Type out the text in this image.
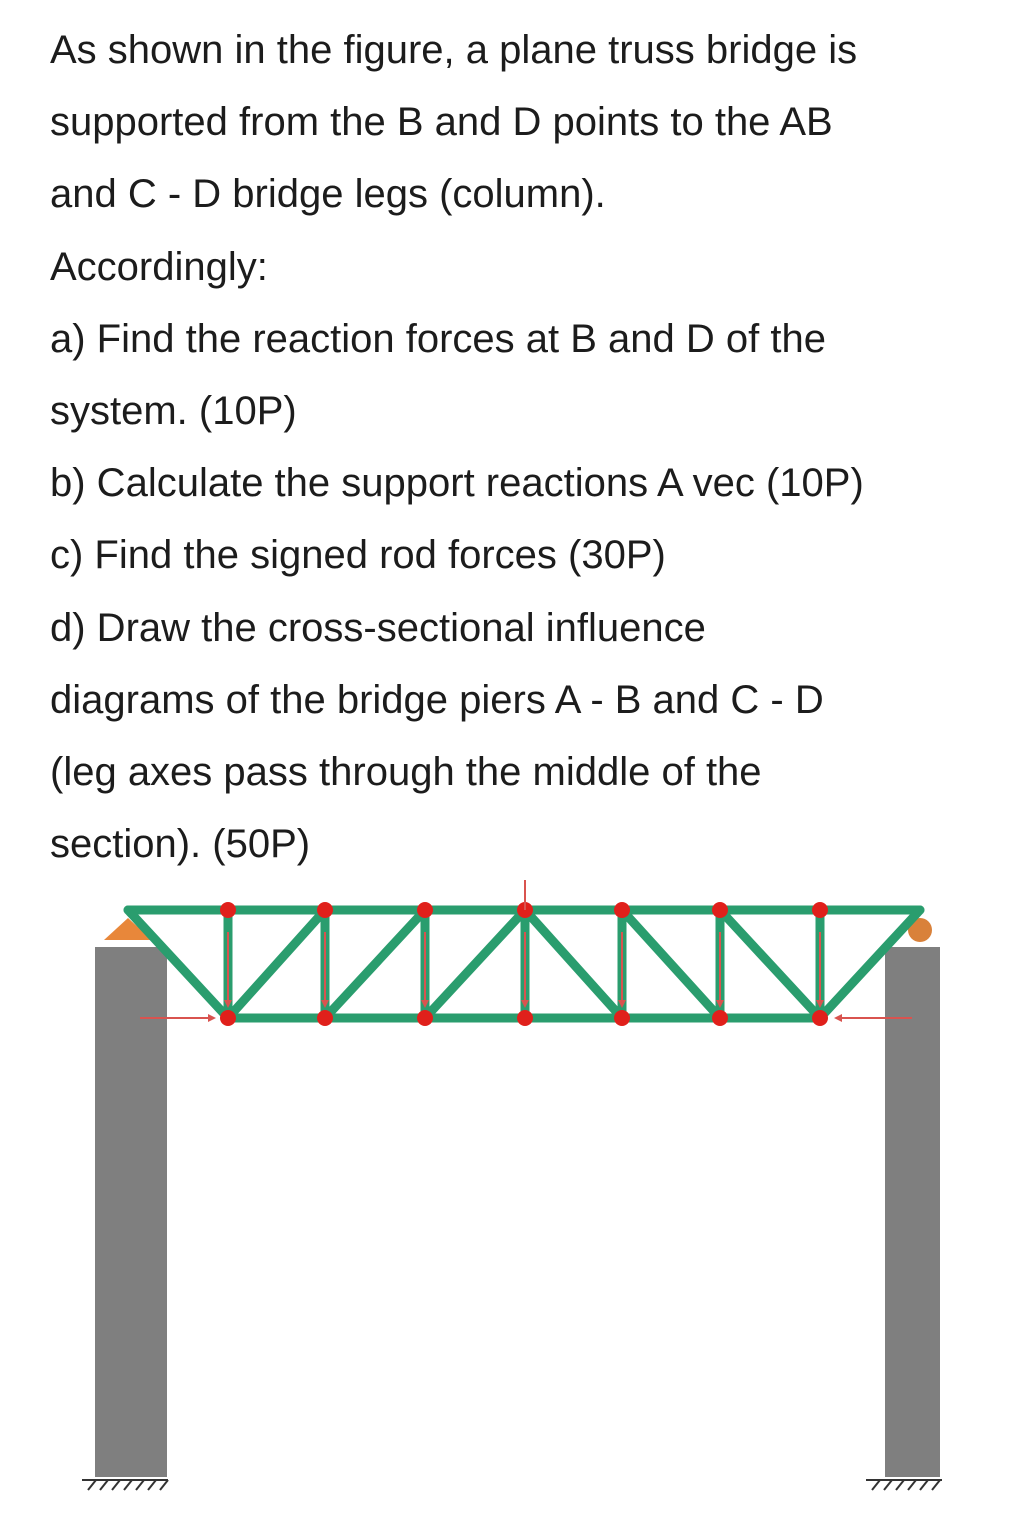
As shown in the figure, a plane truss bridge is
supported from the B and D points to the AB
and C - D bridge legs (column).
Accordingly:
a) Find the reaction forces at B and D of the
system. (10P)
b) Calculate the support reactions A vec (10P)
c) Find the signed rod forces (30P)
d) Draw the cross-sectional influence
diagrams of the bridge piers A - B and C - D
(leg axes pass through the middle of the
section). (50P)
